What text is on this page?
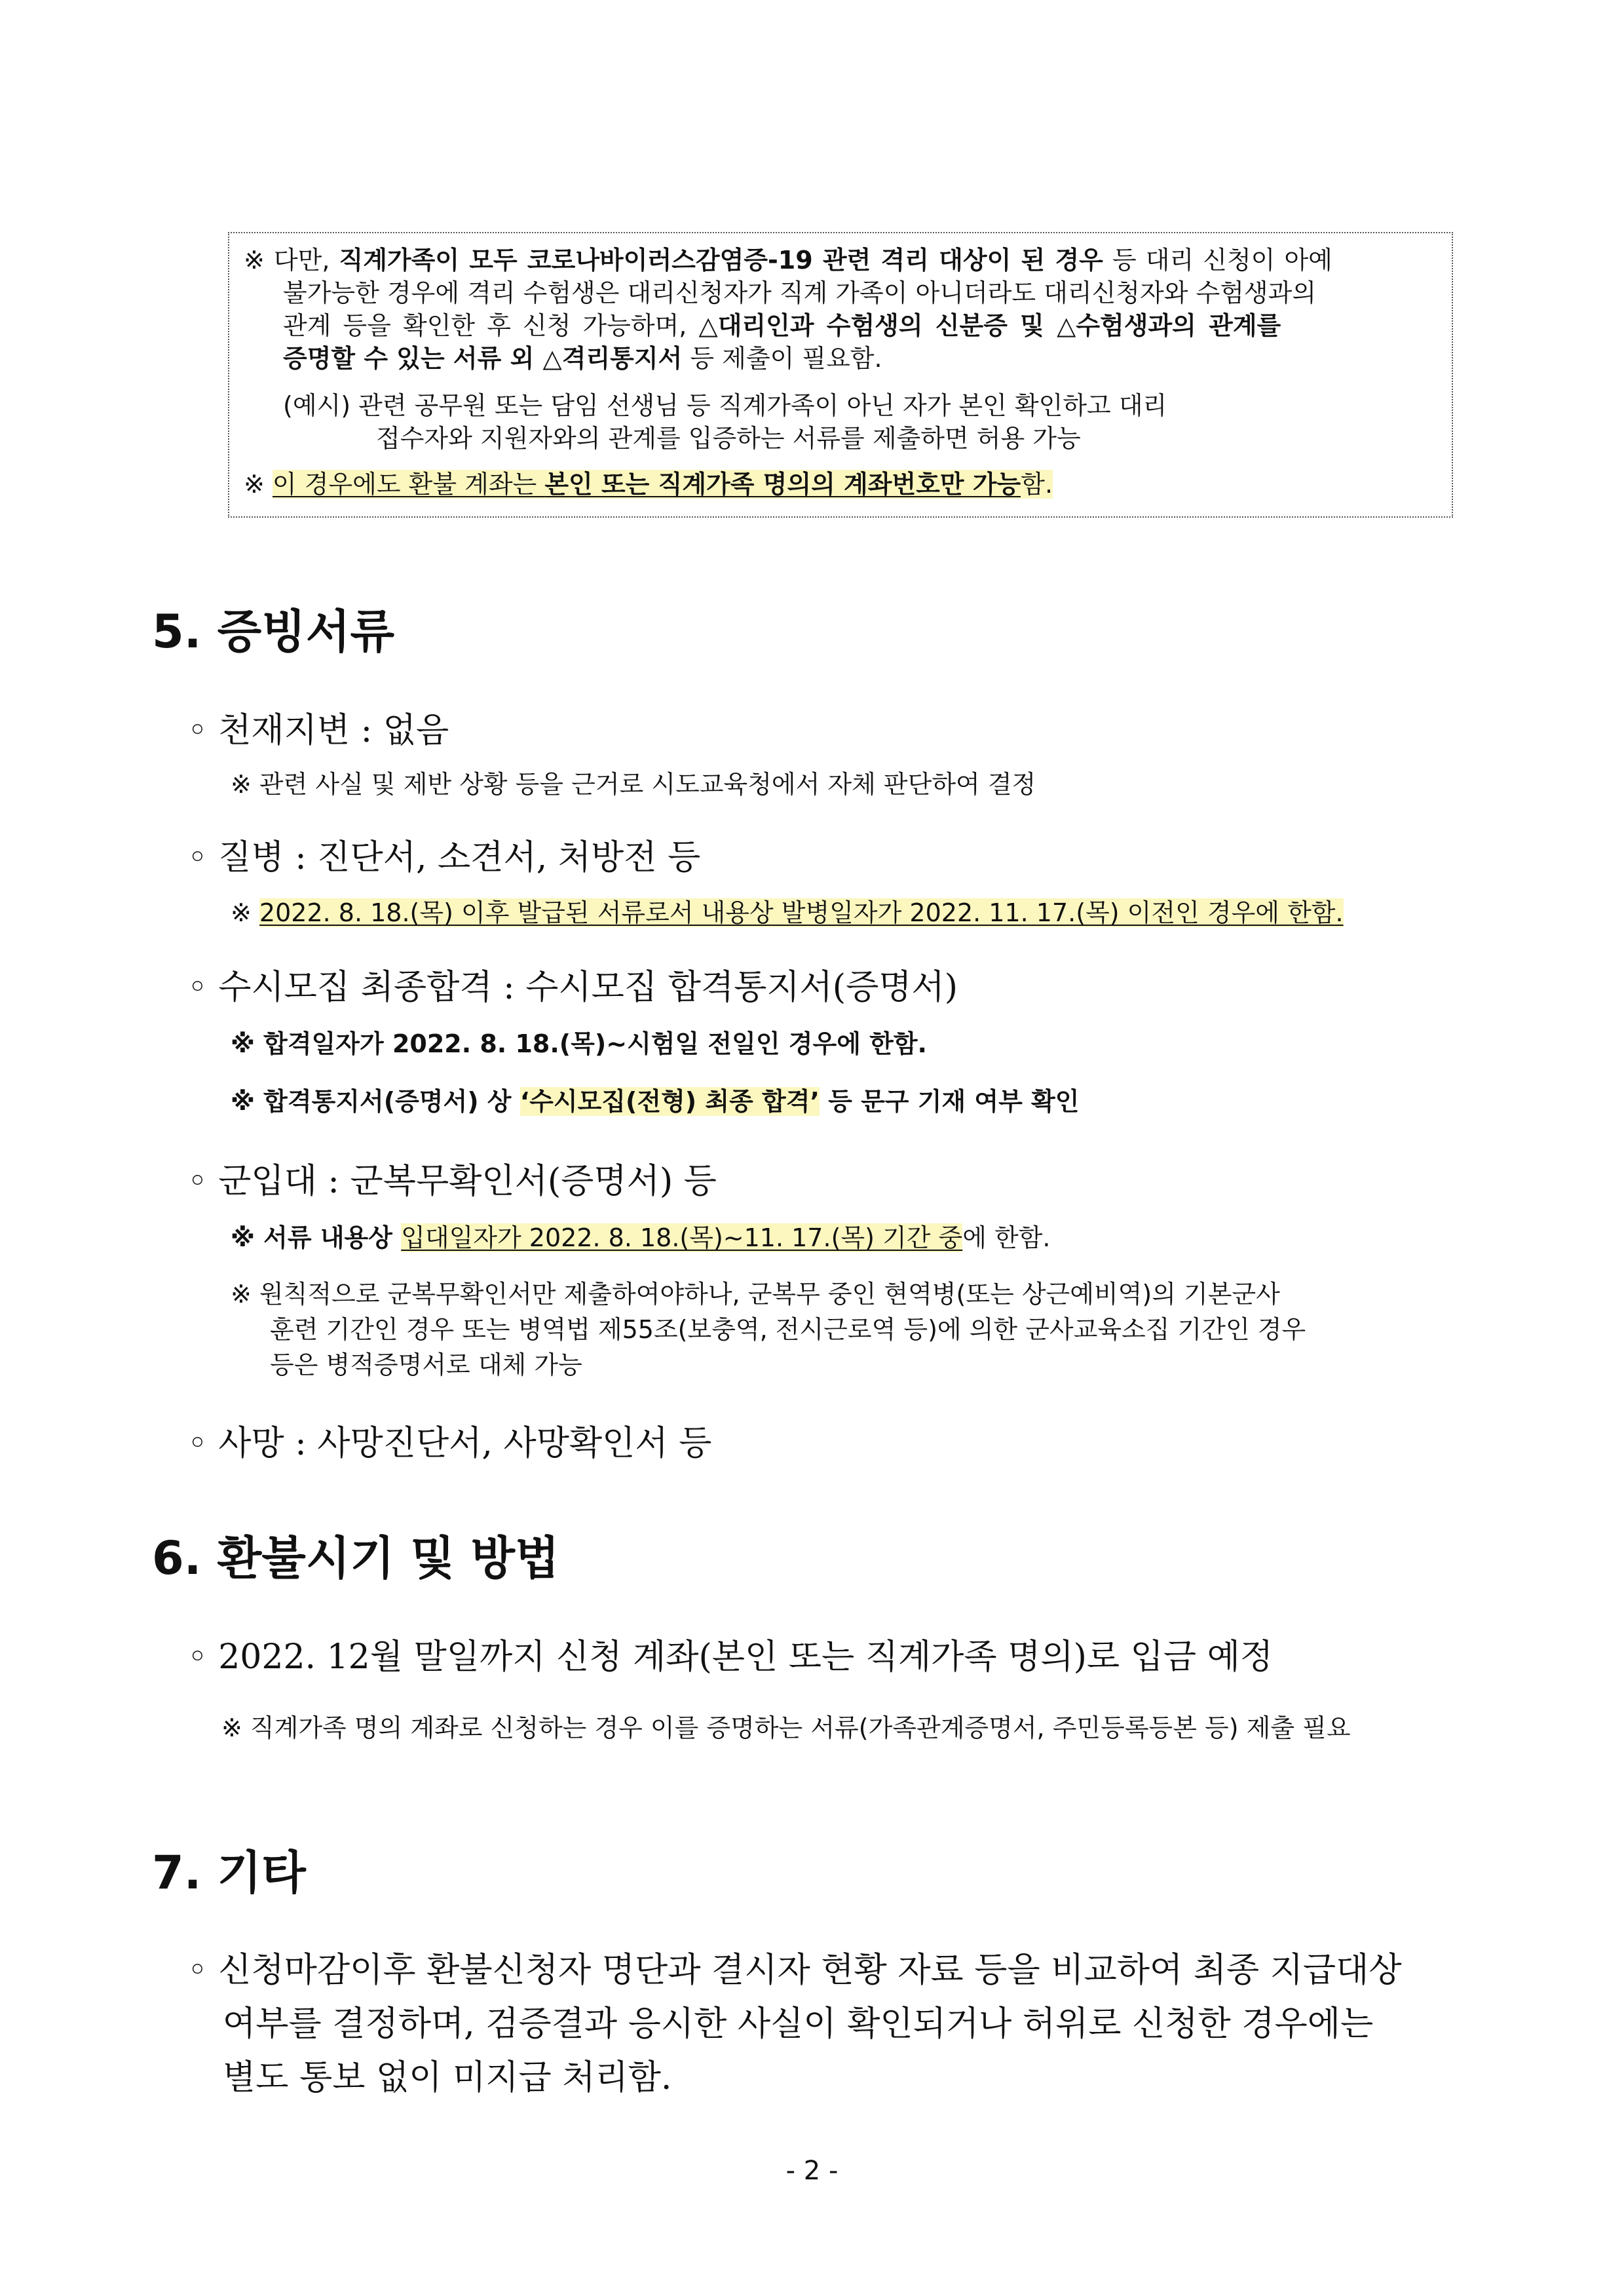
※ 다만, 직계가족이 모두 코로나바이러스감염증-19 관련 격리 대상이 된 경우 등 대리 신청이 아예
불가능한 경우에 격리 수험생은 대리신청자가 직계 가족이 아니더라도 대리신청자와 수험생과의
관계 등을 확인한 후 신청 가능하며, △대리인과 수험생의 신분증 및 △수험생과의 관계를
증명할 수 있는 서류 외 △격리통지서 등 제출이 필요함.
(예시) 관련 공무원 또는 담임 선생님 등 직계가족이 아닌 자가 본인 확인하고 대리
접수자와 지원자와의 관계를 입증하는 서류를 제출하면 허용 가능
※ 이 경우에도 환불 계좌는 본인 또는 직계가족 명의의 계좌번호만 가능함.
5. 증빙서류
◦ 천재지변 : 없음
※ 관련 사실 및 제반 상황 등을 근거로 시도교육청에서 자체 판단하여 결정
◦ 질병 : 진단서, 소견서, 처방전 등
※ 2022. 8. 18.(목) 이후 발급된 서류로서 내용상 발병일자가 2022. 11. 17.(목) 이전인 경우에 한함.
◦ 수시모집 최종합격 : 수시모집 합격통지서(증명서)
※ 합격일자가 2022. 8. 18.(목)~시험일 전일인 경우에 한함.
※ 합격통지서(증명서) 상 ‘수시모집(전형) 최종 합격’ 등 문구 기재 여부 확인
◦ 군입대 : 군복무확인서(증명서) 등
※ 서류 내용상 입대일자가 2022. 8. 18.(목)~11. 17.(목) 기간 중에 한함.
※ 원칙적으로 군복무확인서만 제출하여야하나, 군복무 중인 현역병(또는 상근예비역)의 기본군사
훈련 기간인 경우 또는 병역법 제55조(보충역, 전시근로역 등)에 의한 군사교육소집 기간인 경우
등은 병적증명서로 대체 가능
◦ 사망 : 사망진단서, 사망확인서 등
6. 환불시기 및 방법
◦ 2022. 12월 말일까지 신청 계좌(본인 또는 직계가족 명의)로 입금 예정
※ 직계가족 명의 계좌로 신청하는 경우 이를 증명하는 서류(가족관계증명서, 주민등록등본 등) 제출 필요
7. 기타
◦ 신청마감이후 환불신청자 명단과 결시자 현황 자료 등을 비교하여 최종 지급대상
여부를 결정하며, 검증결과 응시한 사실이 확인되거나 허위로 신청한 경우에는
별도 통보 없이 미지급 처리함.
- 2 -
